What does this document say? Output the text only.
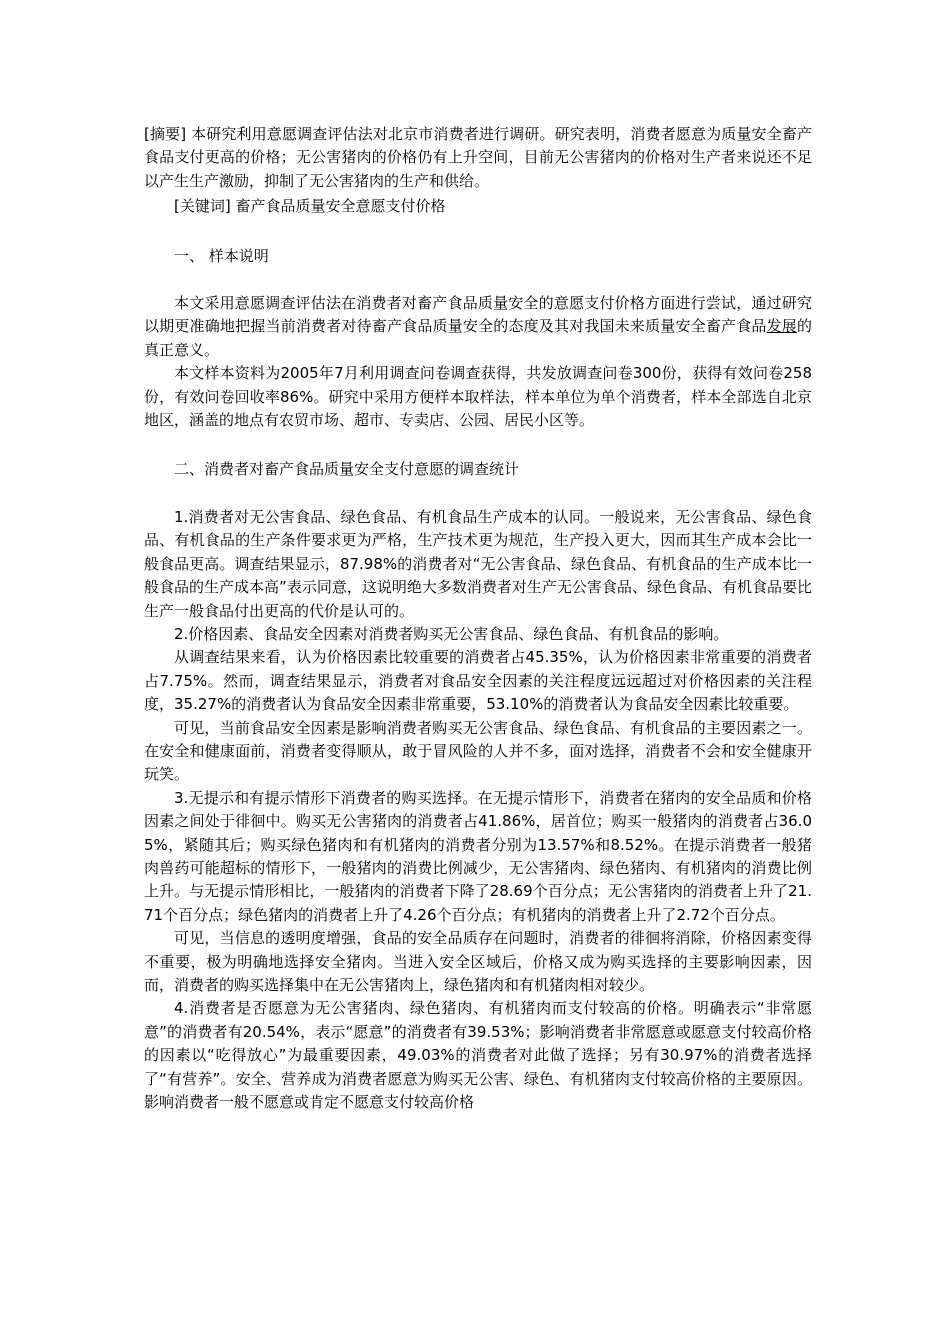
[摘要] 本研究利用意愿调查评估法对北京市消费者进行调研。研究表明，消费者愿意为质量安全畜产食品支付更高的价格；无公害猪肉的价格仍有上升空间，目前无公害猪肉的价格对生产者来说还不足以产生生产激励，抑制了无公害猪肉的生产和供给。

[关键词] 畜产食品质量安全意愿支付价格

一、 样本说明

本文采用意愿调查评估法在消费者对畜产食品质量安全的意愿支付价格方面进行尝试，通过研究以期更准确地把握当前消费者对待畜产食品质量安全的态度及其对我国未来质量安全畜产食品发展的真正意义。

本文样本资料为2005年7月利用调查问卷调查获得，共发放调查问卷300份，获得有效问卷258份，有效问卷回收率86%。研究中采用方便样本取样法，样本单位为单个消费者，样本全部选自北京地区，涵盖的地点有农贸市场、超市、专卖店、公园、居民小区等。

二、消费者对畜产食品质量安全支付意愿的调查统计

1.消费者对无公害食品、绿色食品、有机食品生产成本的认同。一般说来，无公害食品、绿色食品、有机食品的生产条件要求更为严格，生产技术更为规范，生产投入更大，因而其生产成本会比一般食品更高。调查结果显示，87.98%的消费者对“无公害食品、绿色食品、有机食品的生产成本比一般食品的生产成本高”表示同意，这说明绝大多数消费者对生产无公害食品、绿色食品、有机食品要比生产一般食品付出更高的代价是认可的。

2.价格因素、食品安全因素对消费者购买无公害食品、绿色食品、有机食品的影响。

从调查结果来看，认为价格因素比较重要的消费者占45.35%，认为价格因素非常重要的消费者占7.75%。然而，调查结果显示，消费者对食品安全因素的关注程度远远超过对价格因素的关注程度，35.27%的消费者认为食品安全因素非常重要，53.10%的消费者认为食品安全因素比较重要。

可见，当前食品安全因素是影响消费者购买无公害食品、绿色食品、有机食品的主要因素之一。在安全和健康面前，消费者变得顺从，敢于冒风险的人并不多，面对选择，消费者不会和安全健康开玩笑。

3.无提示和有提示情形下消费者的购买选择。在无提示情形下，消费者在猪肉的安全品质和价格因素之间处于徘徊中。购买无公害猪肉的消费者占41.86%，居首位；购买一般猪肉的消费者占36.05%，紧随其后；购买绿色猪肉和有机猪肉的消费者分别为13.57%和8.52%。在提示消费者一般猪肉兽药可能超标的情形下，一般猪肉的消费比例减少，无公害猪肉、绿色猪肉、有机猪肉的消费比例上升。与无提示情形相比，一般猪肉的消费者下降了28.69个百分点；无公害猪肉的消费者上升了21.71个百分点；绿色猪肉的消费者上升了4.26个百分点；有机猪肉的消费者上升了2.72个百分点。

可见，当信息的透明度增强，食品的安全品质存在问题时，消费者的徘徊将消除，价格因素变得不重要，极为明确地选择安全猪肉。当进入安全区域后，价格又成为购买选择的主要影响因素，因而，消费者的购买选择集中在无公害猪肉上，绿色猪肉和有机猪肉相对较少。

4.消费者是否愿意为无公害猪肉、绿色猪肉、有机猪肉而支付较高的价格。明确表示“非常愿意”的消费者有20.54%，表示“愿意”的消费者有39.53%；影响消费者非常愿意或愿意支付较高价格的因素以“吃得放心”为最重要因素，49.03%的消费者对此做了选择；另有30.97%的消费者选择了“有营养”。安全、营养成为消费者愿意为购买无公害、绿色、有机猪肉支付较高价格的主要原因。影响消费者一般不愿意或肯定不愿意支付较高价格
